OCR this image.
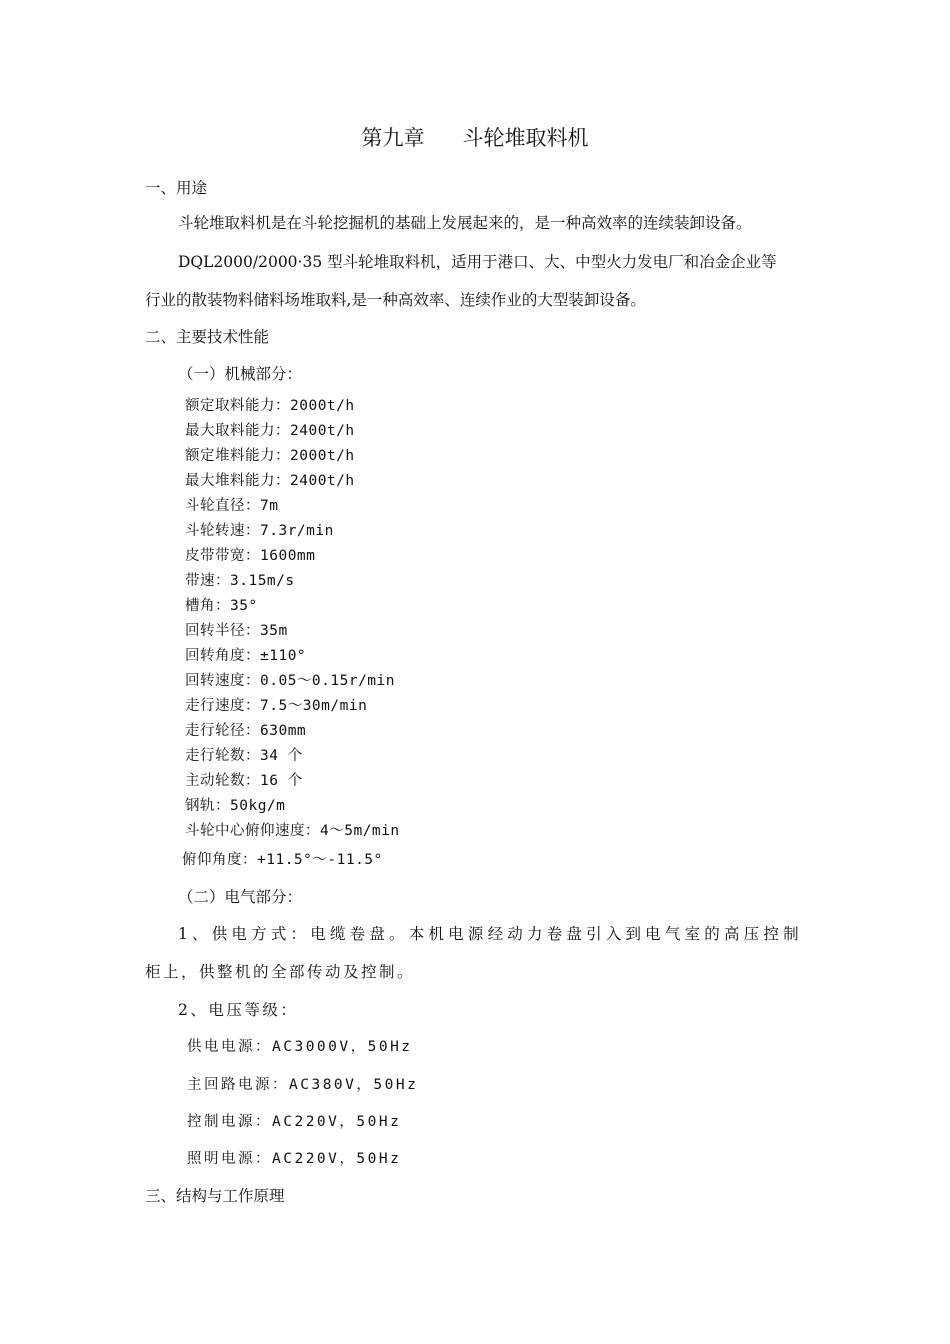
第九章 斗轮堆取料机
一、用途
斗轮堆取料机是在斗轮挖掘机的基础上发展起来的，是一种高效率的连续装卸设备。
DQL2000/2000·35 型斗轮堆取料机，适用于港口、大、中型火力发电厂和冶金企业等
行业的散装物料储料场堆取料,是一种高效率、连续作业的大型装卸设备。
二、主要技术性能
（一）机械部分：
额定取料能力：2000t/h
最大取料能力：2400t/h
额定堆料能力：2000t/h
最大堆料能力：2400t/h
斗轮直径：7m
斗轮转速：7.3r/min
皮带带宽：1600mm
带速：3.15m/s
槽角：35°
回转半径：35m
回转角度：±110°
回转速度：0.05～0.15r/min
走行速度：7.5～30m/min
走行轮径：630mm
走行轮数：34 个
主动轮数：16 个
钢轨：50kg/m
斗轮中心俯仰速度：4～5m/min
俯仰角度：+11.5°～-11.5°
（二）电气部分：
1、供电方式：电缆卷盘。本机电源经动力卷盘引入到电气室的高压控制
柜上，供整机的全部传动及控制。
2、电压等级：
供电电源：AC3000V，50Hz
主回路电源：AC380V，50Hz
控制电源：AC220V，50Hz
照明电源：AC220V，50Hz
三、结构与工作原理
